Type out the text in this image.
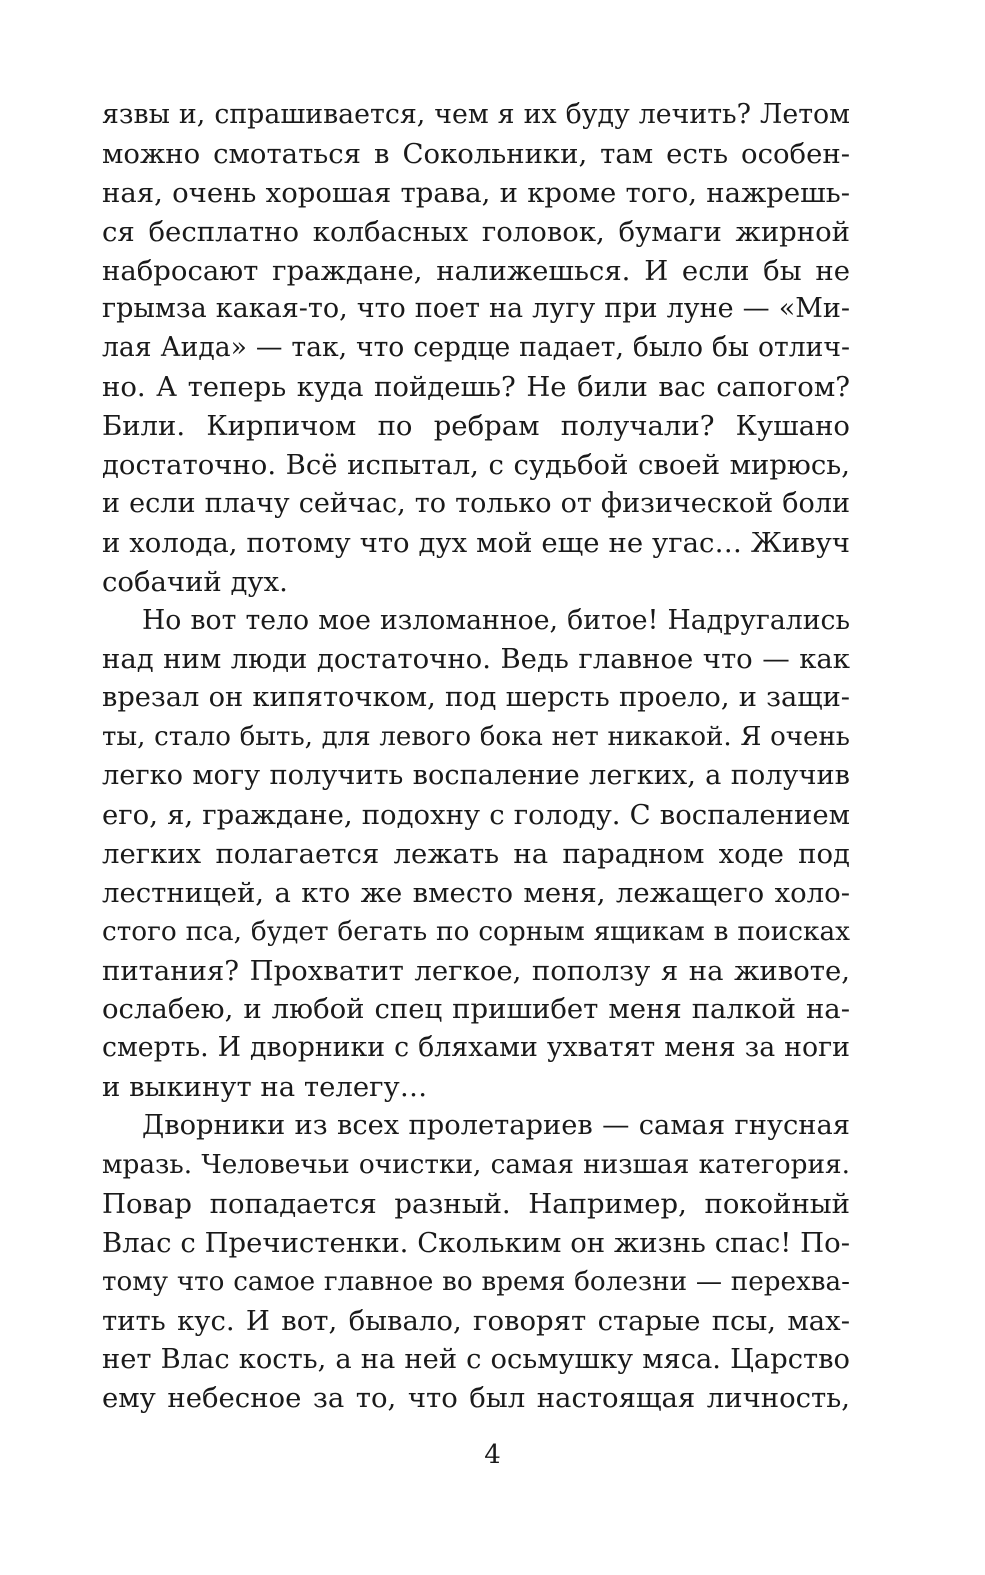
язвы и, спрашивается, чем я их буду лечить? Летом
можно смотаться в Сокольники, там есть особен-
ная, очень хорошая трава, и кроме того, нажрешь-
ся бесплатно колбасных головок, бумаги жирной
набросают граждане, налижешься. И если бы не
грымза какая-то, что поет на лугу при луне — «Ми-
лая Аида» — так, что сердце падает, было бы отлич-
но. А теперь куда пойдешь? Не били вас сапогом?
Били. Кирпичом по ребрам получали? Кушано
достаточно. Всё испытал, с судьбой своей мирюсь,
и если плачу сейчас, то только от физической боли
и холода, потому что дух мой еще не угас… Живуч
собачий дух.
Но вот тело мое изломанное, битое! Надругались
над ним люди достаточно. Ведь главное что — как
врезал он кипяточком, под шерсть проело, и защи-
ты, стало быть, для левого бока нет никакой. Я очень
легко могу получить воспаление легких, а получив
его, я, граждане, подохну с голоду. С воспалением
легких полагается лежать на парадном ходе под
лестницей, а кто же вместо меня, лежащего холо-
стого пса, будет бегать по сорным ящикам в поисках
питания? Прохватит легкое, поползу я на животе,
ослабею, и любой спец пришибет меня палкой на-
смерть. И дворники с бляхами ухватят меня за ноги
и выкинут на телегу…
Дворники из всех пролетариев — самая гнусная
мразь. Человечьи очистки, самая низшая категория.
Повар попадается разный. Например, покойный
Влас с Пречистенки. Скольким он жизнь спас! По-
тому что самое главное во время болезни — перехва-
тить кус. И вот, бывало, говорят старые псы, мах-
нет Влас кость, а на ней с осьмушку мяса. Царство
ему небесное за то, что был настоящая личность,
4
